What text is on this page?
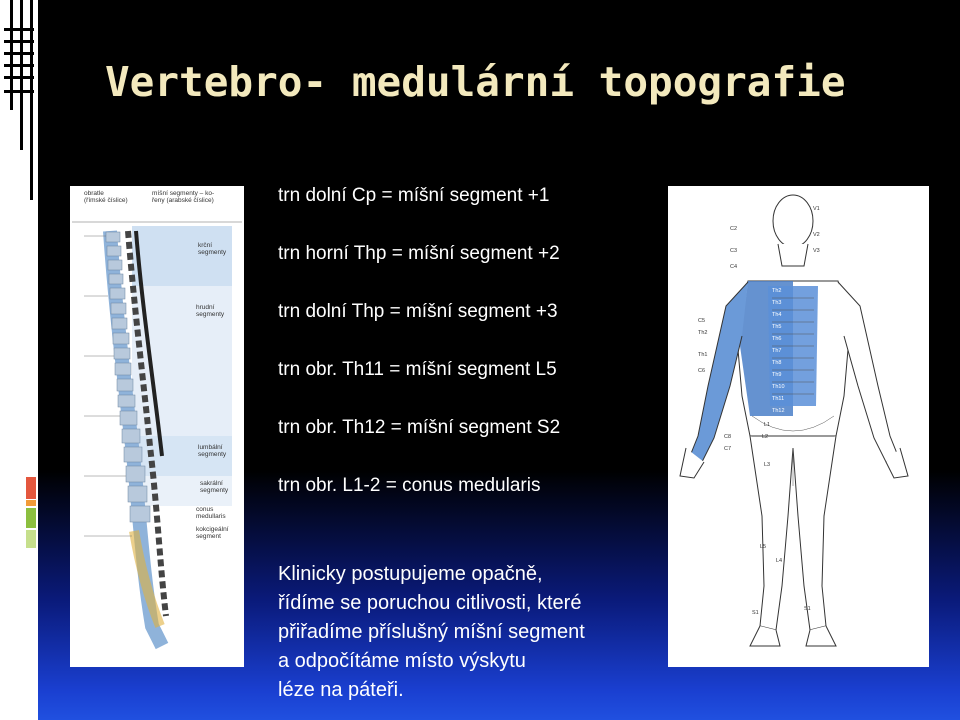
Vertebro- medulární topografie
obratle
(římské číslice)
míšní segmenty – ko-
řeny (arabské číslice)
krční segmenty
hrudní segmenty
lumbální segmenty
sakrální segmenty
conus medullaris
kokcigeální segment
trn dolní Cp = míšní segment +1
trn horní Thp = míšní segment +2
trn dolní Thp = míšní segment +3
trn obr. Th11 = míšní segment L5
trn obr. Th12 = míšní segment S2
trn obr. L1-2 = conus medularis
Klinicky postupujeme opačně,
řídíme se poruchou citlivosti, které
přiřadíme příslušný míšní segment
a odpočítáme místo výskytu
léze na páteři.
V1
V2
V3
C2
C3
C4
C5
Th2
Th1
C6
Th2
Th3
Th4
Th5
Th6
Th7
Th8
Th9
Th10
Th11
Th12
L1
L2
C8
C7
L3
L5
L4
S1
S1
